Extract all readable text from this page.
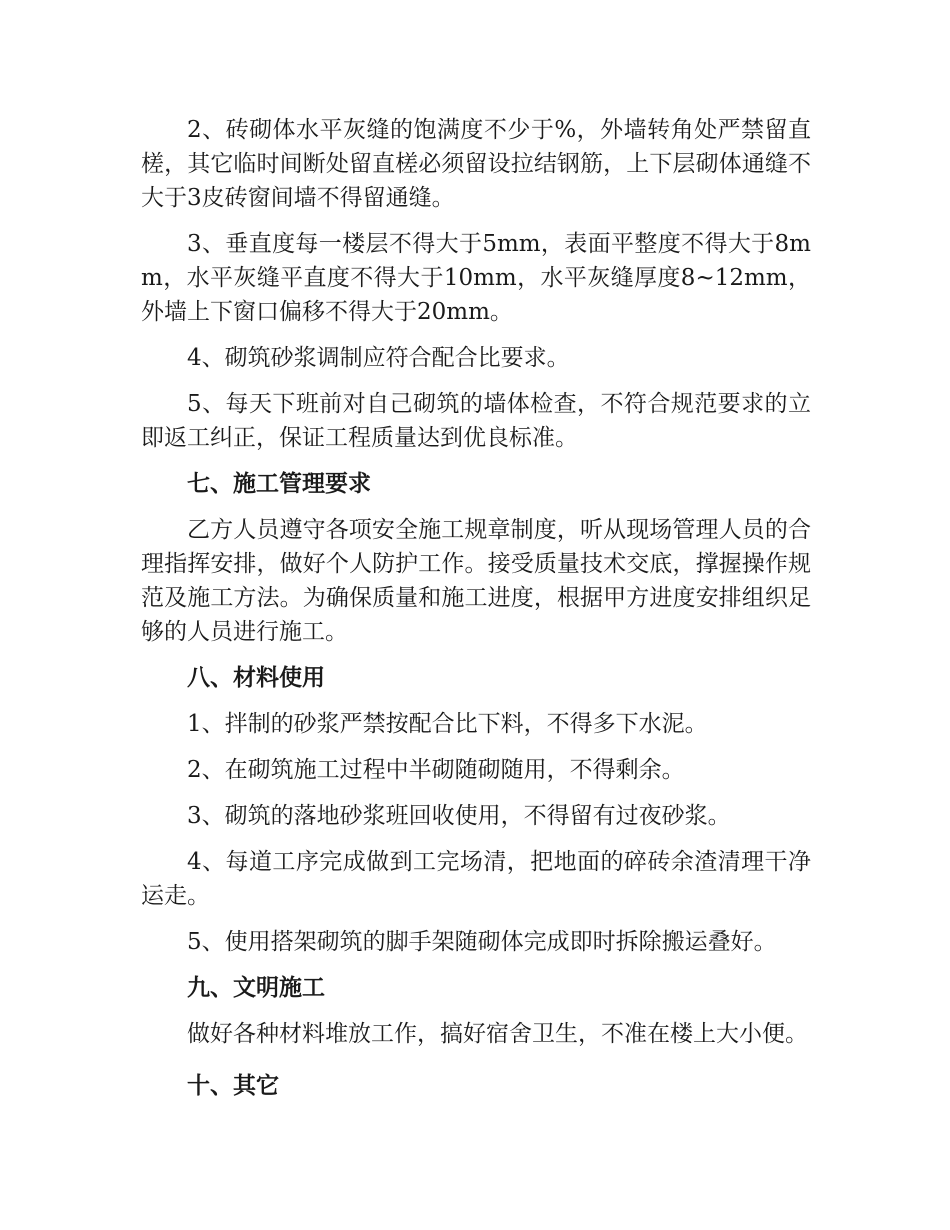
2、砖砌体水平灰缝的饱满度不少于%，外墙转角处严禁留直槎，其它临时间断处留直槎必须留设拉结钢筋，上下层砌体通缝不大于3皮砖窗间墙不得留通缝。

3、垂直度每一楼层不得大于5mm，表面平整度不得大于8mm，水平灰缝平直度不得大于10mm，水平灰缝厚度8~12mm，外墙上下窗口偏移不得大于20mm。

4、砌筑砂浆调制应符合配合比要求。

5、每天下班前对自己砌筑的墙体检查，不符合规范要求的立即返工纠正，保证工程质量达到优良标准。

七、施工管理要求

乙方人员遵守各项安全施工规章制度，听从现场管理人员的合理指挥安排，做好个人防护工作。接受质量技术交底，撑握操作规范及施工方法。为确保质量和施工进度，根据甲方进度安排组织足够的人员进行施工。

八、材料使用

1、拌制的砂浆严禁按配合比下料，不得多下水泥。

2、在砌筑施工过程中半砌随砌随用，不得剩余。

3、砌筑的落地砂浆班回收使用，不得留有过夜砂浆。

4、每道工序完成做到工完场清，把地面的碎砖余渣清理干净运走。

5、使用搭架砌筑的脚手架随砌体完成即时拆除搬运叠好。

九、文明施工

做好各种材料堆放工作，搞好宿舍卫生，不准在楼上大小便。

十、其它
